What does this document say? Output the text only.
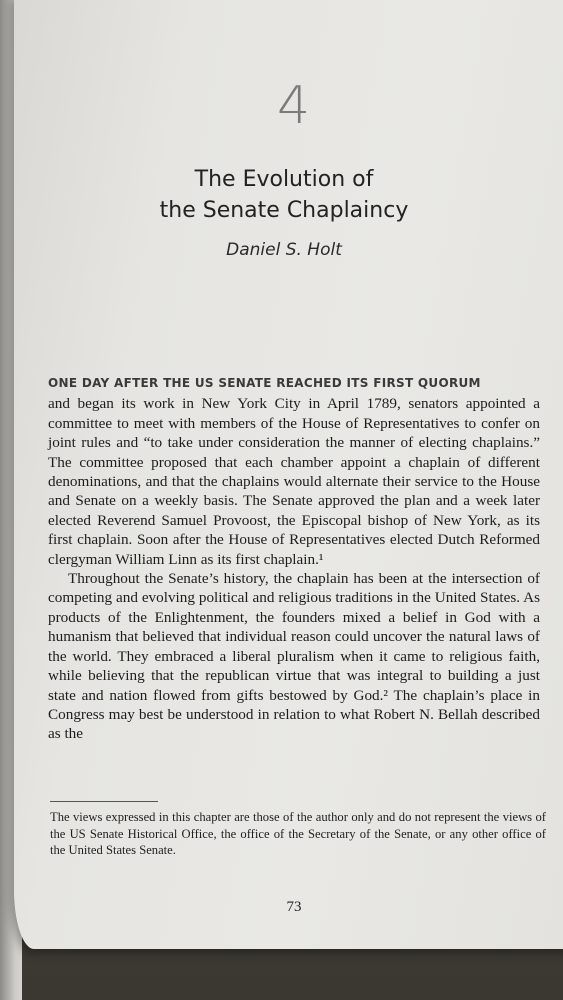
4
The Evolution of
the Senate Chaplaincy
Daniel S. Holt
ONE DAY AFTER THE US SENATE REACHED ITS FIRST QUORUM

and began its work in New York City in April 1789, senators appointed a committee to meet with members of the House of Representatives to confer on joint rules and “to take under consideration the manner of electing chaplains.” The committee proposed that each chamber appoint a chaplain of different denominations, and that the chaplains would alternate their service to the House and Senate on a weekly basis. The Senate approved the plan and a week later elected Reverend Samuel Provoost, the Episcopal bishop of New York, as its first chaplain. Soon after the House of Representatives elected Dutch Reformed clergyman William Linn as its first chaplain.¹

Throughout the Senate’s history, the chaplain has been at the intersection of competing and evolving political and religious traditions in the United States. As products of the Enlightenment, the founders mixed a belief in God with a humanism that believed that individual reason could uncover the natural laws of the world. They embraced a liberal pluralism when it came to religious faith, while believing that the republican virtue that was integral to building a just state and nation flowed from gifts bestowed by God.² The chaplain’s place in Congress may best be understood in relation to what Robert N. Bellah described as the

The views expressed in this chapter are those of the author only and do not represent the views of the US Senate Historical Office, the office of the Secretary of the Senate, or any other office of the United States Senate.
73
